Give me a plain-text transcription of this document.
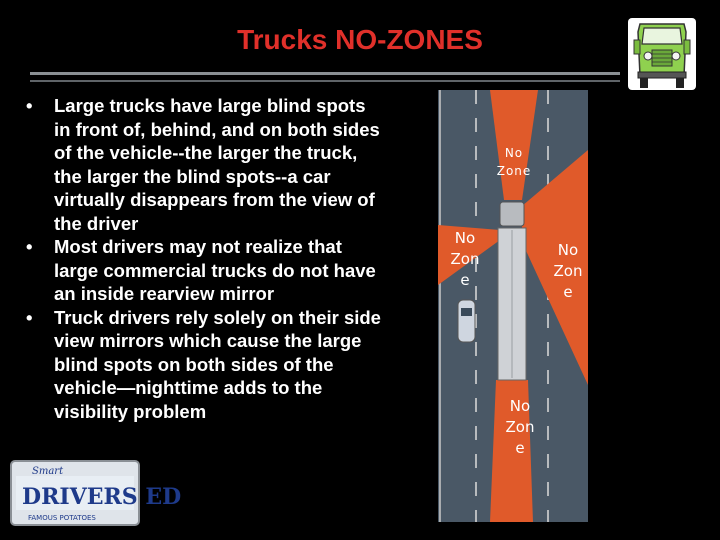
Trucks NO-ZONES
• Large trucks have large blind spots in front of, behind, and on both sides of the vehicle--the larger the truck, the larger the blind spots--a car virtually disappears from the view of the driver
• Most drivers may not realize that large commercial trucks do not have an inside rearview mirror
• Truck drivers rely solely on their side view mirrors which cause the large blind spots on both sides of the vehicle—nighttime adds to the visibility problem
No
Zone
No
Zon
e
No
Zon
e
No
Zon
e
Smart
DRIVERS ED
FAMOUS POTATOES
